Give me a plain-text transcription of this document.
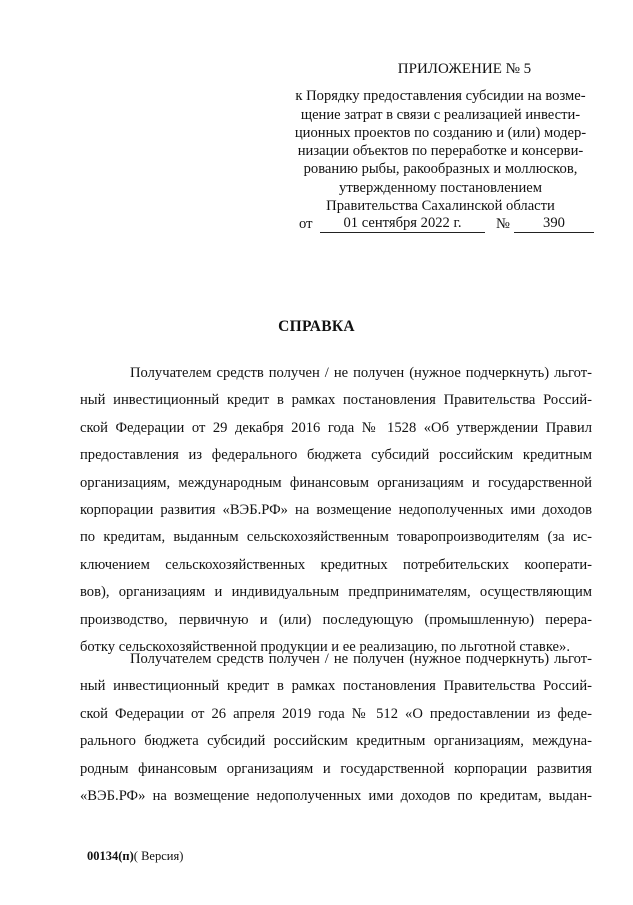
ПРИЛОЖЕНИЕ № 5
к Порядку предоставления субсидии на возме-
щение затрат в связи с реализацией инвести-
ционных проектов по созданию и (или) модер-
низации объектов по переработке и консерви-
рованию рыбы, ракообразных и моллюсков,
утвержденному постановлением
Правительства Сахалинской области
от	01 сентября 2022 г.	№	390
СПРАВКА
Получателем средств получен / не получен (нужное подчеркнуть) льгот-
ный инвестиционный кредит в рамках постановления Правительства Россий-
ской Федерации от 29 декабря 2016 года № 1528 «Об утверждении Правил
предоставления из федерального бюджета субсидий российским кредитным
организациям, международным финансовым организациям и государственной
корпорации развития «ВЭБ.РФ» на возмещение недополученных ими доходов
по кредитам, выданным сельскохозяйственным товаропроизводителям (за ис-
ключением сельскохозяйственных кредитных потребительских кооперати-
вов), организациям и индивидуальным предпринимателям, осуществляющим
производство, первичную и (или) последующую (промышленную) перера-
ботку сельскохозяйственной продукции и ее реализацию, по льготной ставке».
Получателем средств получен / не получен (нужное подчеркнуть) льгот-
ный инвестиционный кредит в рамках постановления Правительства Россий-
ской Федерации от 26 апреля 2019 года № 512 «О предоставлении из феде-
рального бюджета субсидий российским кредитным организациям, междуна-
родным финансовым организациям и государственной корпорации развития
«ВЭБ.РФ» на возмещение недополученных ими доходов по кредитам, выдан-
00134(п)( Версия)
